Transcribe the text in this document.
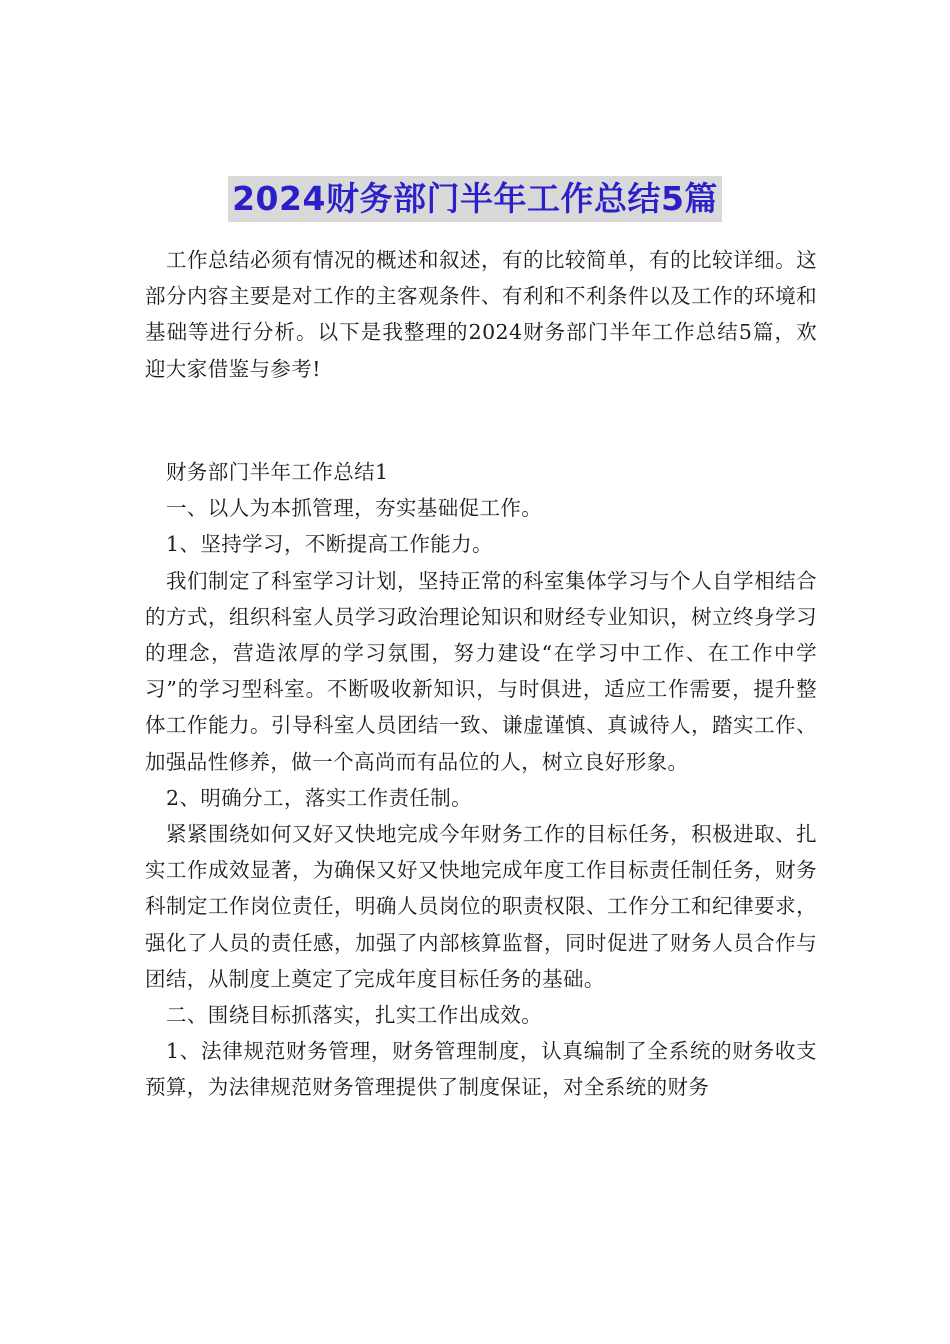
2024财务部门半年工作总结5篇

工作总结必须有情况的概述和叙述，有的比较简单，有的比较详细。这部分内容主要是对工作的主客观条件、有利和不利条件以及工作的环境和基础等进行分析。以下是我整理的2024财务部门半年工作总结5篇，欢迎大家借鉴与参考!

财务部门半年工作总结1

一、以人为本抓管理，夯实基础促工作。

1、坚持学习，不断提高工作能力。

我们制定了科室学习计划，坚持正常的科室集体学习与个人自学相结合的方式，组织科室人员学习政治理论知识和财经专业知识，树立终身学习的理念，营造浓厚的学习氛围，努力建设“在学习中工作、在工作中学习”的学习型科室。不断吸收新知识，与时俱进，适应工作需要，提升整体工作能力。引导科室人员团结一致、谦虚谨慎、真诚待人，踏实工作、加强品性修养，做一个高尚而有品位的人，树立良好形象。

2、明确分工，落实工作责任制。

紧紧围绕如何又好又快地完成今年财务工作的目标任务，积极进取、扎实工作成效显著，为确保又好又快地完成年度工作目标责任制任务，财务科制定工作岗位责任，明确人员岗位的职责权限、工作分工和纪律要求，强化了人员的责任感，加强了内部核算监督，同时促进了财务人员合作与团结，从制度上奠定了完成年度目标任务的基础。

二、围绕目标抓落实，扎实工作出成效。

1、法律规范财务管理，财务管理制度，认真编制了全系统的财务收支预算，为法律规范财务管理提供了制度保证，对全系统的财务
